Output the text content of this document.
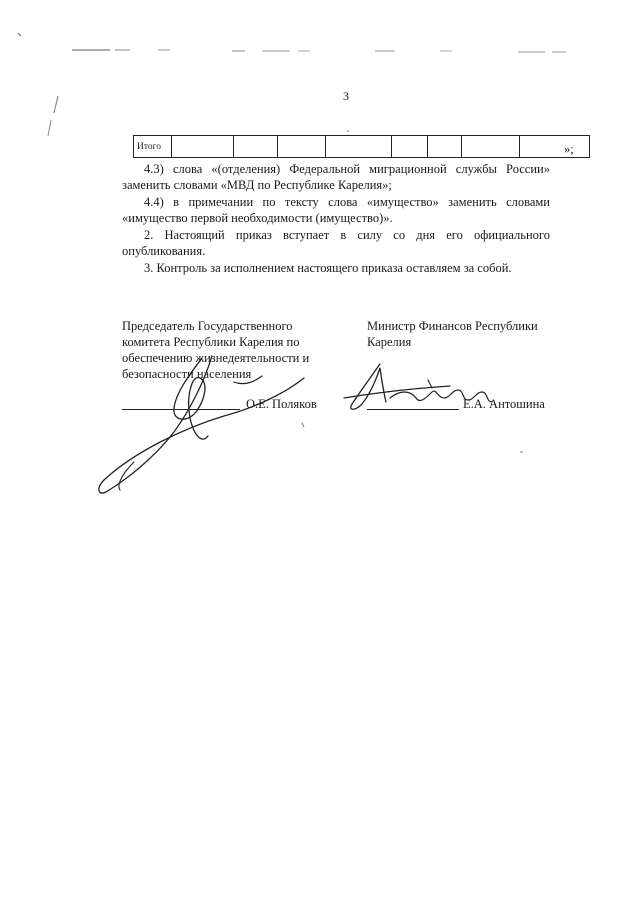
3
Итого									»;

4.3) слова «(отделения) Федеральной миграционной службы России» заменить словами «МВД по Республике Карелия»;

4.4) в примечании по тексту слова «имущество» заменить словами «имущество первой необходимости (имущество)».

2. Настоящий приказ вступает в силу со дня его официального опубликования.

3. Контроль за исполнением настоящего приказа оставляем за собой.

Председатель Государственного
комитета Республики Карелия по
обеспечению жизнедеятельности и
безопасности населения
О.Е. Поляков
Министр Финансов Республики
Карелия
Е.А. Антошина
